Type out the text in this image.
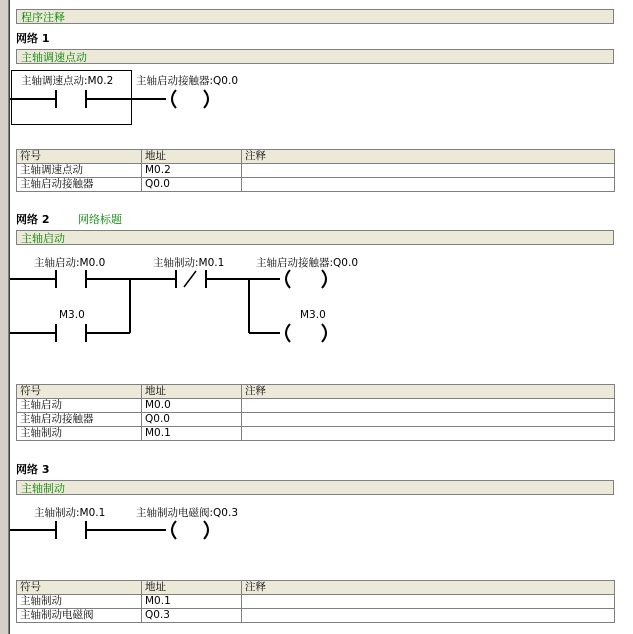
程序注释
网络 1
主轴调速点动
主轴调速点动:M0.2 主轴启动接触器:Q0.0
符号	地址	注释
主轴调速点动	M0.2	
主轴启动接触器	Q0.0	
网络 2	网络标题
主轴启动
主轴启动:M0.0	主轴制动:M0.1	主轴启动接触器:Q0.0
M3.0	M3.0
符号	地址	注释
主轴启动	M0.0	
主轴启动接触器	Q0.0	
主轴制动	M0.1	
网络 3
主轴制动
主轴制动:M0.1	主轴制动电磁阀:Q0.3
符号	地址	注释
主轴制动	M0.1	
主轴制动电磁阀	Q0.3	
